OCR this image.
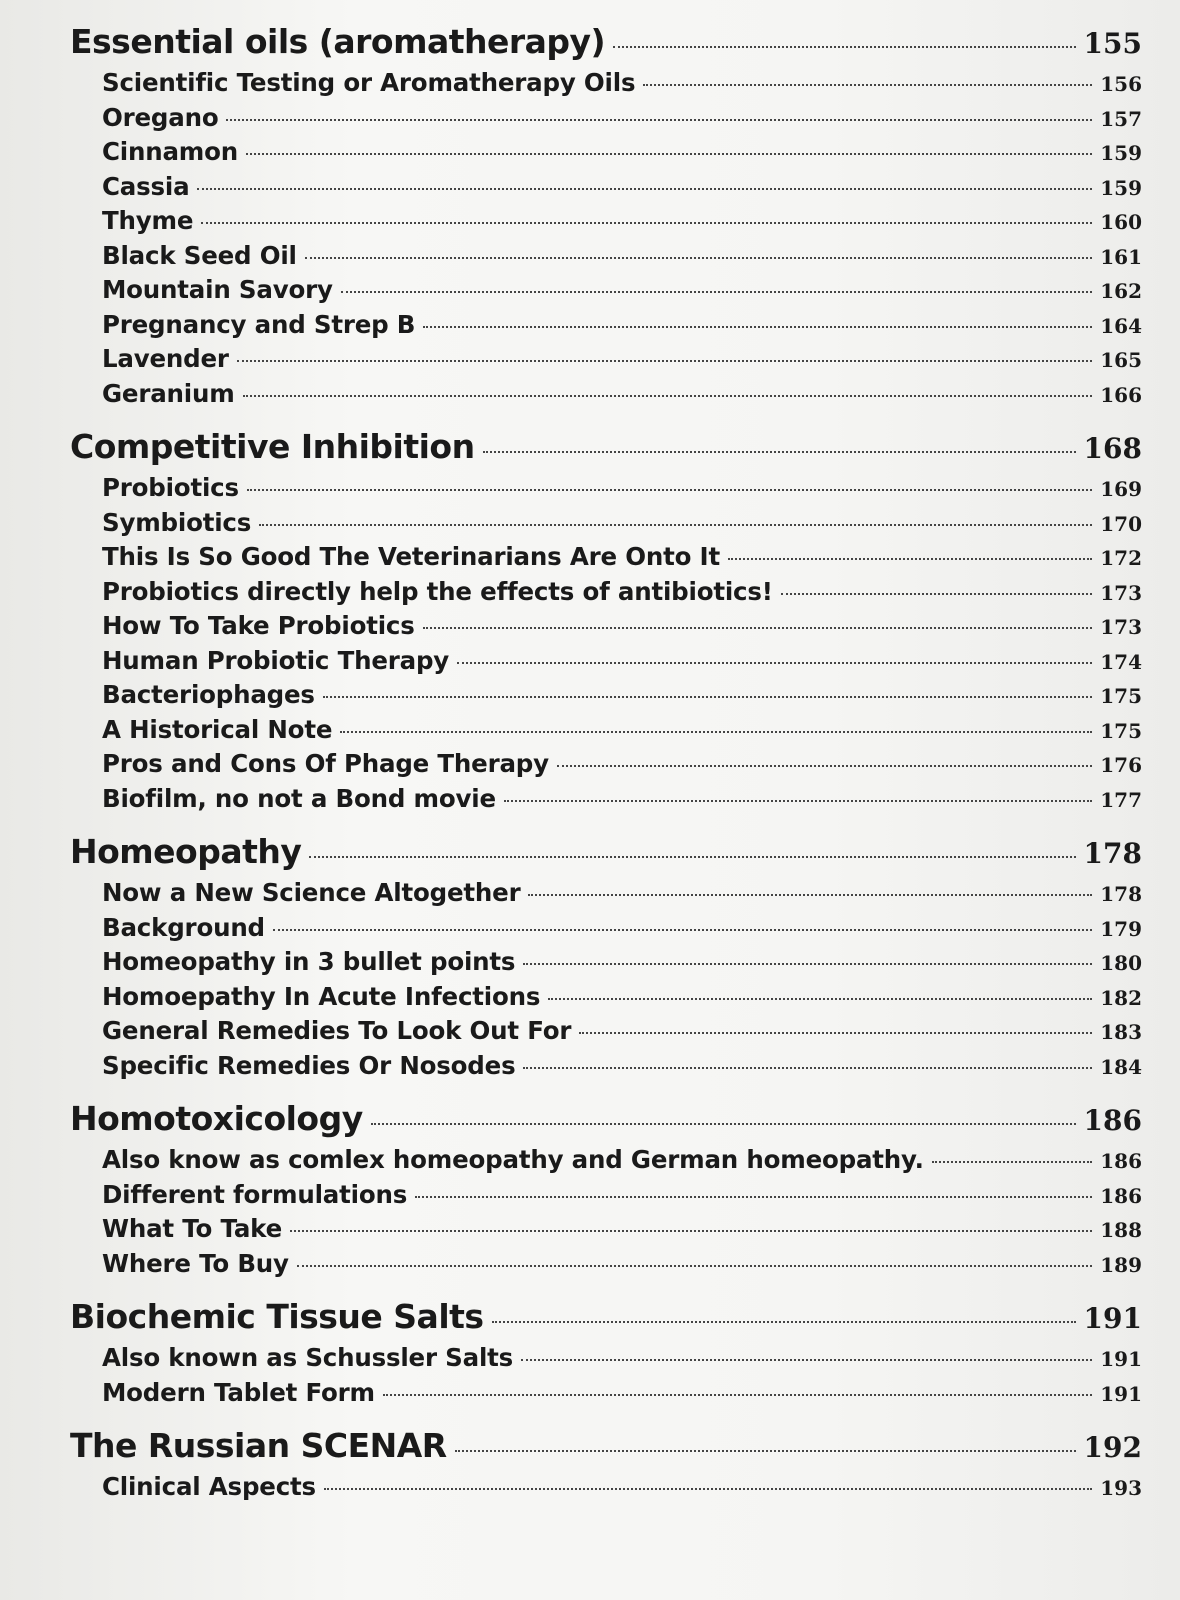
Essential oils (aromatherapy)	155
Scientific Testing or Aromatherapy Oils	156
Oregano	157
Cinnamon	159
Cassia	159
Thyme	160
Black Seed Oil	161
Mountain Savory	162
Pregnancy and Strep B	164
Lavender	165
Geranium	166
Competitive Inhibition	168
Probiotics	169
Symbiotics	170
This Is So Good The Veterinarians Are Onto It	172
Probiotics directly help the effects of antibiotics!	173
How To Take Probiotics	173
Human Probiotic Therapy	174
Bacteriophages	175
A Historical Note	175
Pros and Cons Of Phage Therapy	176
Biofilm, no not a Bond movie	177
Homeopathy	178
Now a New Science Altogether	178
Background	179
Homeopathy in 3 bullet points	180
Homoepathy In Acute Infections	182
General Remedies To Look Out For	183
Specific Remedies Or Nosodes	184
Homotoxicology	186
Also know as comlex homeopathy and German homeopathy.	186
Different formulations	186
What To Take	188
Where To Buy	189
Biochemic Tissue Salts	191
Also known as Schussler Salts	191
Modern Tablet Form	191
The Russian SCENAR	192
Clinical Aspects	193
